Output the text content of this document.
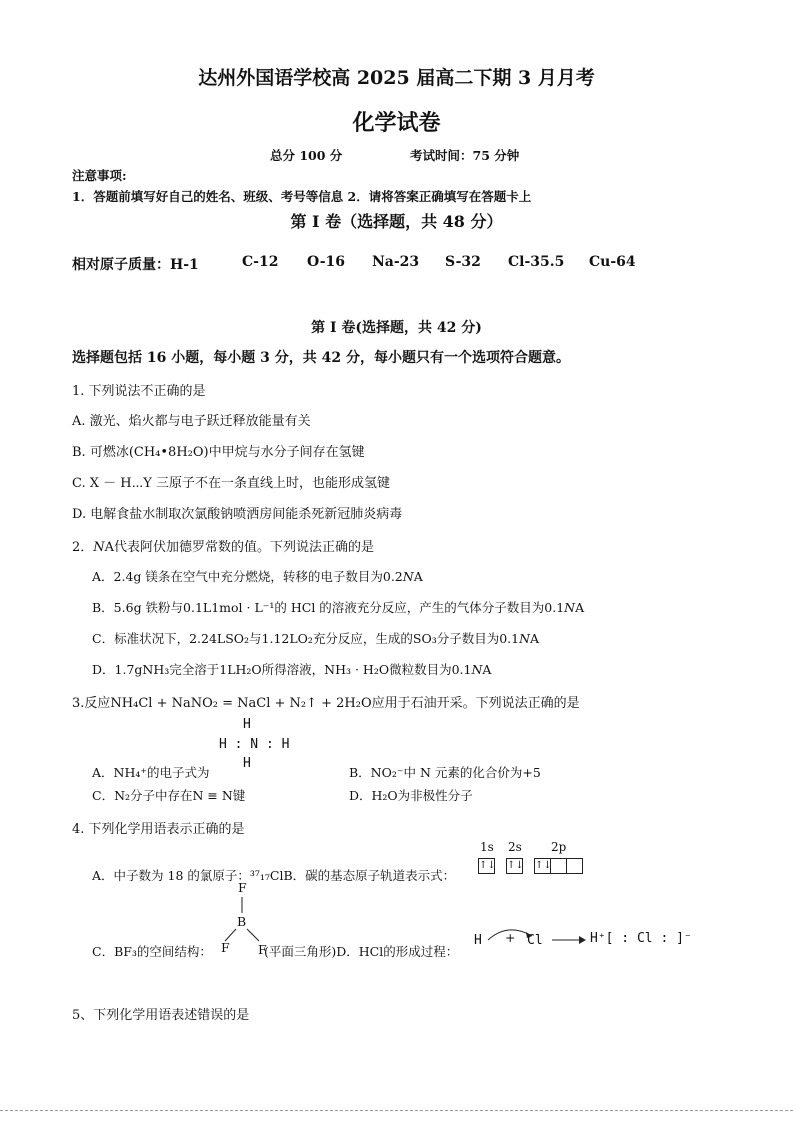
达州外国语学校高 2025 届高二下期 3 月月考
化学试卷
总分 100 分	考试时间：75 分钟
注意事项:
1．答题前填写好自己的姓名、班级、考号等信息 2．请将答案正确填写在答题卡上
第 Ⅰ 卷（选择题，共 48 分）
相对原子质量：H-1	C-12 O-16 Na-23 S-32 Cl-35.5 Cu-64
第 I 卷(选择题，共 42 分)
选择题包括 16 小题，每小题 3 分，共 42 分，每小题只有一个选项符合题意。
1. 下列说法不正确的是
A. 激光、焰火都与电子跃迁释放能量有关
B. 可燃冰(CH₄•8H₂O)中甲烷与水分子间存在氢键
C. X － H⋯Y 三原子不在一条直线上时，也能形成氢键
D. 电解食盐水制取次氯酸钠喷洒房间能杀死新冠肺炎病毒
2．𝑁A代表阿伏加德罗常数的值。下列说法正确的是
A．2.4g 镁条在空气中充分燃烧，转移的电子数目为0.2𝑁A
B．5.6g 铁粉与0.1L1mol · L⁻¹的 HCl 的溶液充分反应，产生的气体分子数目为0.1𝑁A
C．标准状况下，2.24LSO₂与1.12LO₂充分反应，生成的SO₃分子数目为0.1𝑁A
D．1.7gNH₃完全溶于1LH₂O所得溶液，NH₃ · H₂O微粒数目为0.1𝑁A
3.反应NH₄Cl + NaNO₂ = NaCl + N₂↑ + 2H₂O应用于石油开采。下列说法正确的是
H
H : N : H
H
A．NH₄⁺的电子式为	B．NO₂⁻中 N 元素的化合价为+5
C．N₂分子中存在N ≡ N键	D．H₂O为非极性分子
4. 下列化学用语表示正确的是
A．中子数为 18 的氯原子：³⁷₁₇ClB．碳的基态原子轨道表示式：
1s 2s 2p
↑↓ ↑↓ ↑↓
C．BF₃的空间结构：
F
B
F F
(平面三角形)D．HCl的形成过程：
H + Cl → H⁺[ : Cl : ]⁻
5、下列化学用语表述错误的是
